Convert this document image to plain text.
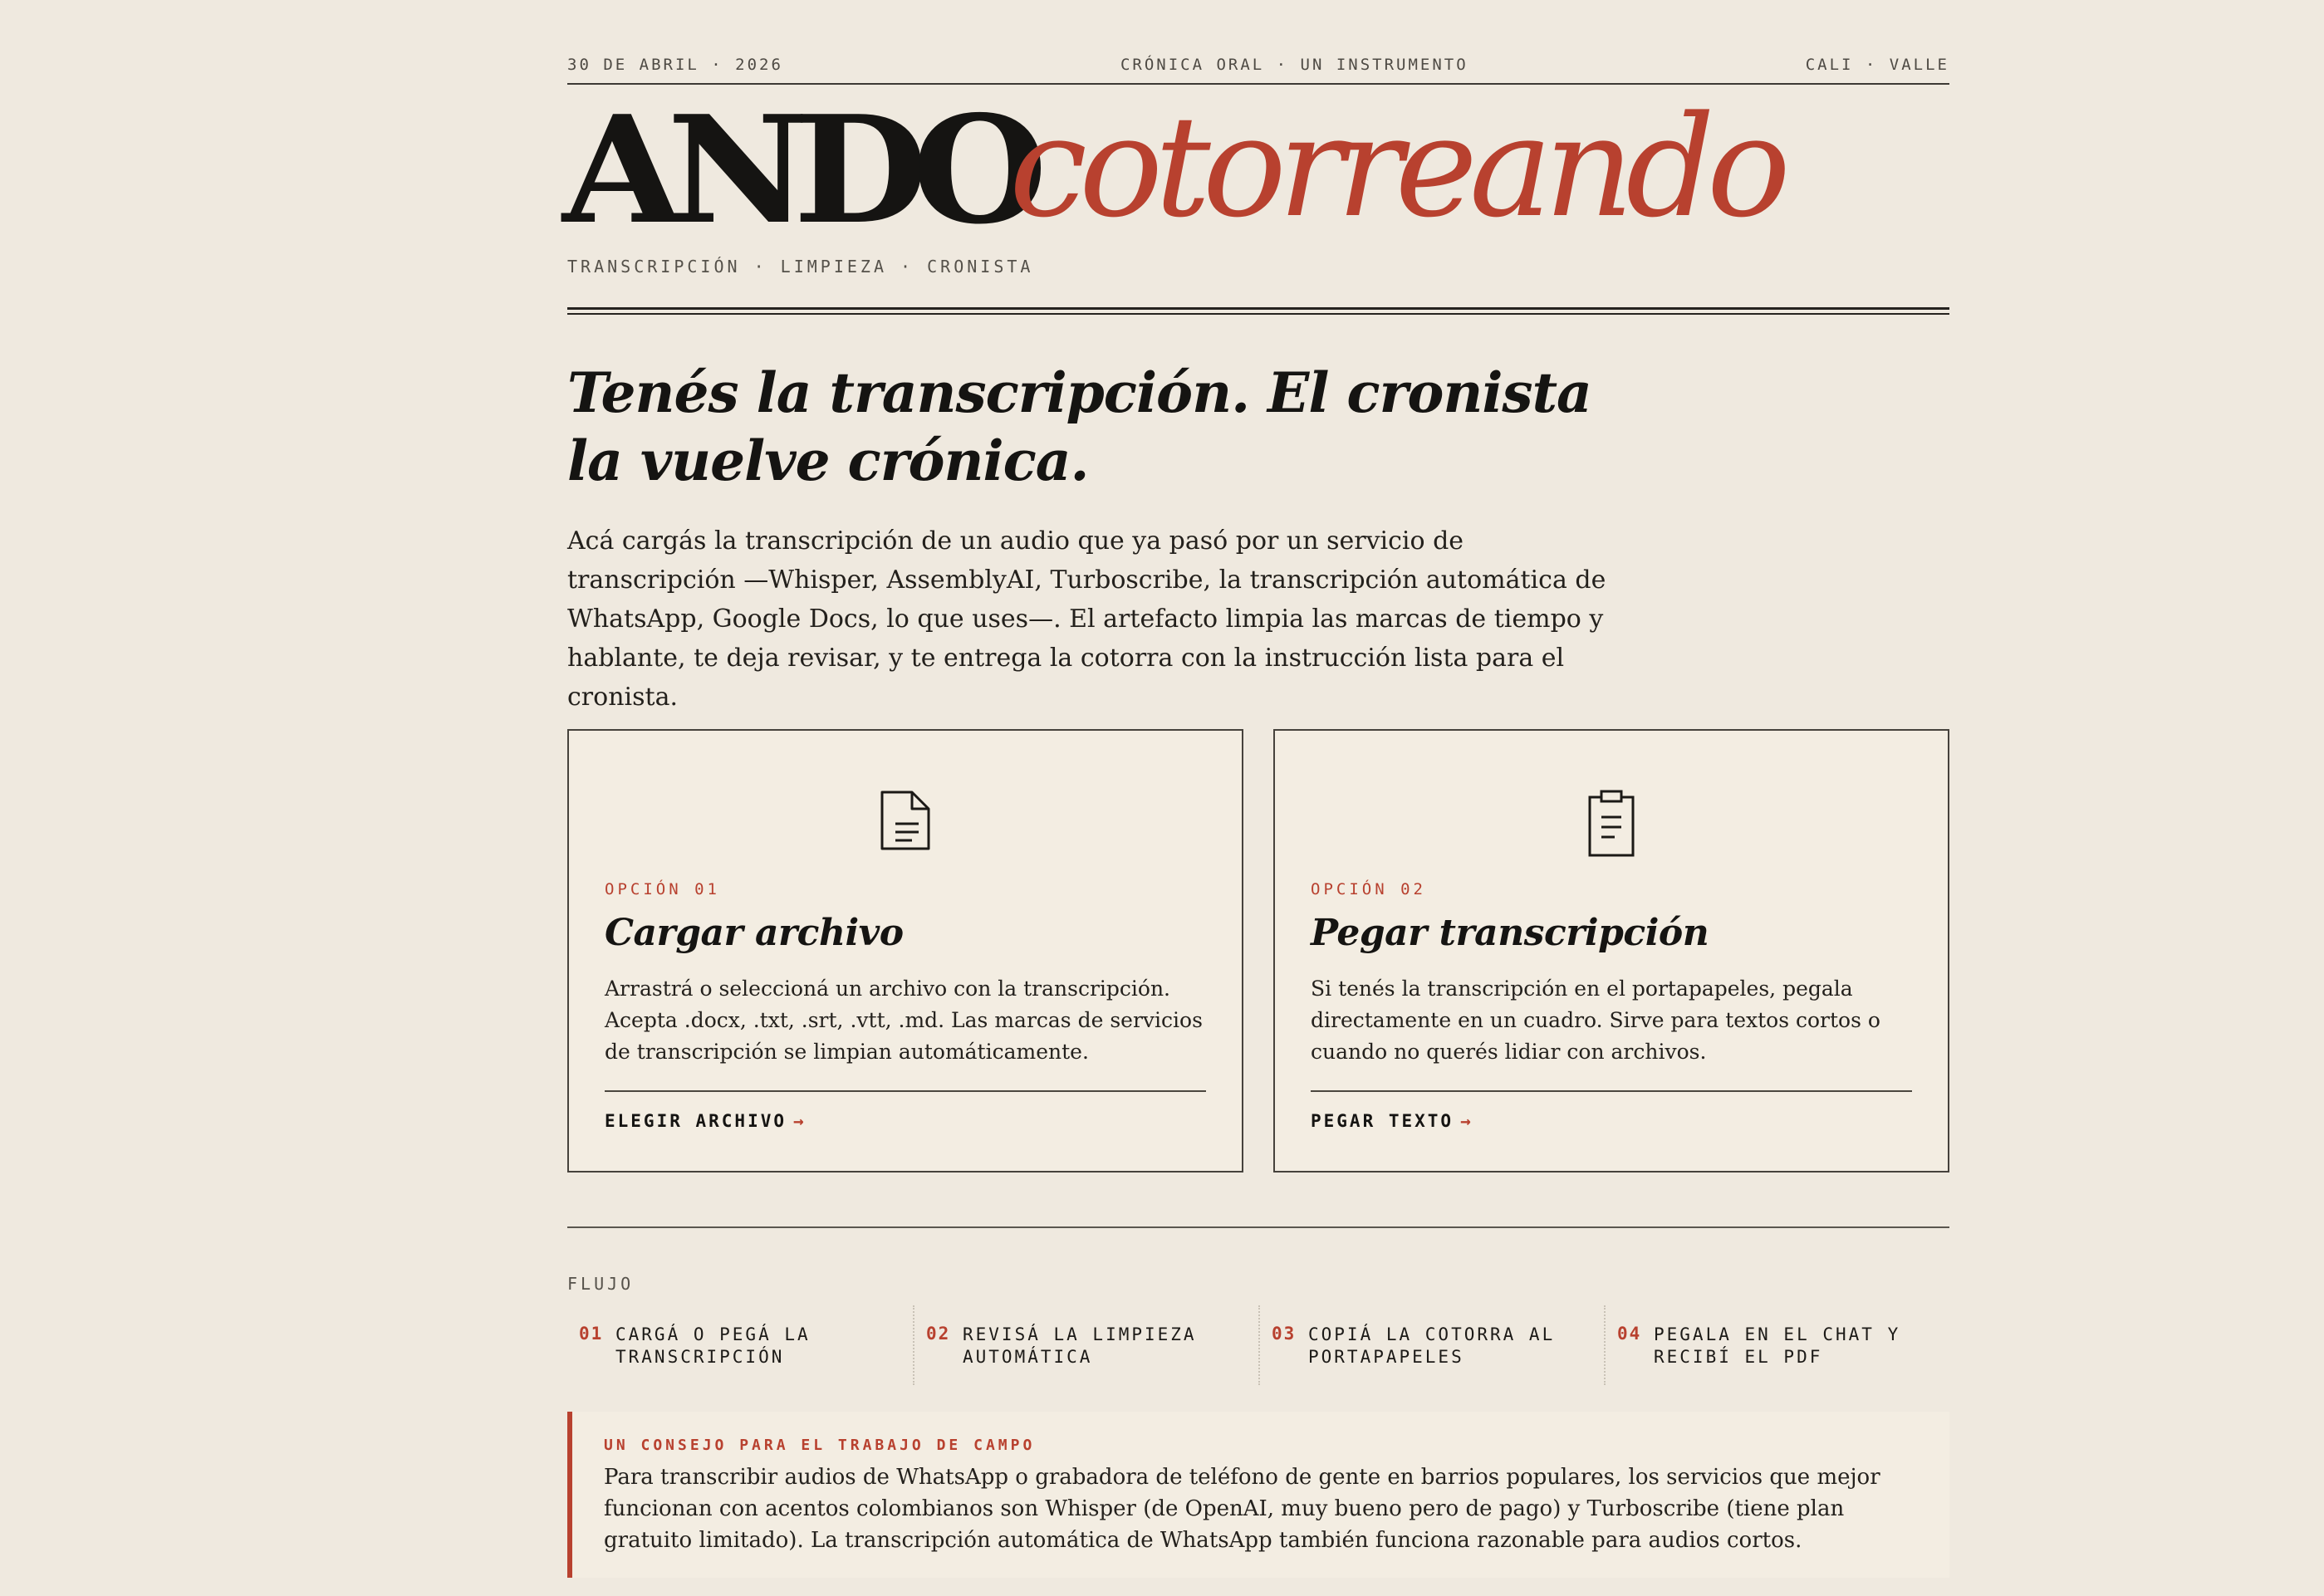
30 DE ABRIL · 2026	CRÓNICA ORAL · UN INSTRUMENTO	CALI · VALLE
ANDO
cotorreando
TRANSCRIPCIÓN · LIMPIEZA · CRONISTA
Tenés la transcripción. El cronista la vuelve crónica.

Acá cargás la transcripción de un audio que ya pasó por un servicio de transcripción —Whisper, AssemblyAI, Turboscribe, la transcripción automática de WhatsApp, Google Docs, lo que uses—. El artefacto limpia las marcas de tiempo y hablante, te deja revisar, y te entrega la cotorra con la instrucción lista para el cronista.

OPCIÓN 01
Cargar archivo
Arrastrá o seleccioná un archivo con la transcripción. Acepta .docx, .txt, .srt, .vtt, .md. Las marcas de servicios de transcripción se limpian automáticamente.
ELEGIR ARCHIVO →
OPCIÓN 02
Pegar transcripción
Si tenés la transcripción en el portapapeles, pegala directamente en un cuadro. Sirve para textos cortos o cuando no querés lidiar con archivos.
PEGAR TEXTO →
FLUJO
01 CARGÁ O PEGÁ LA TRANSCRIPCIÓN
02 REVISÁ LA LIMPIEZA AUTOMÁTICA
03 COPIÁ LA COTORRA AL PORTAPAPELES
04 PEGALA EN EL CHAT Y RECIBÍ EL PDF
UN CONSEJO PARA EL TRABAJO DE CAMPO
Para transcribir audios de WhatsApp o grabadora de teléfono de gente en barrios populares, los servicios que mejor funcionan con acentos colombianos son Whisper (de OpenAI, muy bueno pero de pago) y Turboscribe (tiene plan gratuito limitado). La transcripción automática de WhatsApp también funciona razonable para audios cortos.
